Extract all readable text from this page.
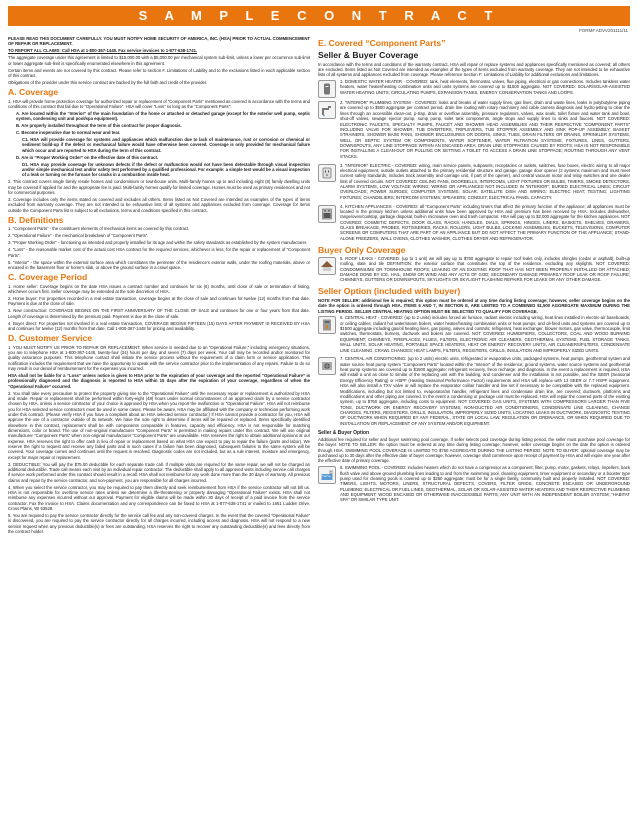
S A M P L E C O N T R A C T
FORM# ADVV201111/11

PLEASE READ THIS DOCUMENT CAREFULLY. YOU MUST NOTIFY HOME SECURITY OF AMERICA, INC. (HSA) PRIOR TO ACTUAL COMMENCEMENT OF REPAIR OR REPLACEMENT.

TO REPORT ALL CLAIMS: Call HSA at 1-800-367-1448. Fax service invoices to 1-877-638-1741.

The aggregate coverage under this agreement is limited to $15,000.00 with a $5,000.00 per mechanical system sub-limit, unless a lower per occurrence sub-limit or lower aggregate sub-limit is specifically enumerated elsewhere in this agreement.

Certain items and events are not covered by this contract. Please refer to section F. Limitations of Liability and to the exclusions listed in each applicable section of this contract.

Obligations of the provider under this service contract are backed by the full faith and credit of the provider.

A. Coverage

1. HSA will provide home protection coverage for authorized repair or replacement of “Component Parts” mentioned as covered in accordance with the terms and conditions of this contract that fail due to “Operational Failure”. HSA will cover “Loss” so long as the “Component Parts”:

A. Are located within the “Interior” of the main foundation of the home or attached or detached garage (except for the exterior well pump, septic system, condensing unit and pool/spa equipment).

B. Are properly installed throughout the term of this contract for proper diagnosis.

C. Become inoperative due to normal wear and tear.

C1. HSA will provide coverage for systems and appliances which malfunction due to lack of maintenance, rust or corrosion or chemical or sediment build-up if the defect or mechanical failure would have otherwise been covered. Coverage is only provided for mechanical failure which occur and are reported to HSA during the term of this contract.

D. Are in “Proper Working Order” on the effective date of this contract.

D1. HSA may provide coverage for unknown defects if the defect or malfunction would not have been detectable through visual inspection and/or simple mechanical test and/or safety test performed by a qualified professional. For example: a simple test would be a visual inspection of a leak or turning on the furnace for cracks in a combustion inside heat.

2. This contract covers single family resale homes and condominium or townhouse units. Multi-family homes up to and including eight (8) family dwelling units may be covered if applied for and the appropriate fee is paid. Multi-family homes qualify for limited coverage. Homes must be used as primary residences and not for commercial purposes.

3. Coverage includes only the items stated as covered and excludes all others. Items listed as Not Covered are intended as examples of the types of items excluded from warranty coverage. They are not intended to be exhaustive lists of all systems and appliances excluded from coverage. Coverage for items outside the Component Parts list is subject to all exclusions, terms and conditions specified in this contract.

B. Definitions

1. “Component Parts” - the constituent elements of mechanical items as covered by this contract.

2. “Operational Failure” - the mechanical breakdown of “Component Parts”.

3. “Proper Working Order” - functioning as intended and properly installed for its age and within the safety standards as established by the system manufacturer.

4. “Loss” - the reasonable market cost of the actual cost HSA contract for the required services, whichever is less, for the repair or replacement of “Component Parts”.

5. “Interior” - the space within the external surface area which constitutes the perimeter of the residence's exterior walls, under the roofing materials, above or encased in the basement floor or home's slab, or above the ground surface in a crawl space.

C. Coverage Period

1. Home seller: Coverage begins on the date HSA issues a contract number and continues for six (6) months, until close of sale or termination of listing, whichever occurs first. Seller coverage may be extended at the sole discretion of HSA.

2. Home buyer: For properties recorded in a real estate transaction, coverage begins at the close of sale and continues for twelve (12) months from that date. Payment is due at the close of sale.

3. New construction: COVERAGE BEGINS ON THE FIRST ANNIVERSARY OF THE CLOSE OF SALE and continues for one or four years from that date. Length of coverage is determined by the premium paid. Payment is due at the close of sale.

4. Buyer direct: For properties not involved in a real estate transaction, COVERAGE BEGINS FIFTEEN (15) DAYS AFTER PAYMENT IS RECEIVED BY HSA and continues for twelve (12) months from that date. Call 1-800-367-1448 for pricing and availability.

D. Customer Service

1. YOU MUST NOTIFY US PRIOR TO REPAIR OR REPLACEMENT. When service is needed due to an “Operational Failure,” including emergency situations, you are to telephone HSA at 1-800-367-1448, twenty-four (24) hours per day, and seven (7) days per week. Your call may be recorded and/or monitored for quality assurance purposes. This telephone contact shall initiate the service process without the requirement of a claim form or service application. This notification includes the requirement that we have the opportunity to speak with the service contractor prior to the implementation of any repairs. Failure to do so may result in our denial of reimbursement for the expenses you incurred.

HSA shall not be liable for a “Loss” unless notice is given to HSA prior to the expiration of your coverage and the reported “Operational Failure” is professionally diagnosed and the diagnosis is reported to HSA within 15 days after the expiration of your coverage, regardless of when the “Operational Failure” occurred.

2. You shall take every precaution to protect the property giving rise to the “Operational Failure” until the necessary repair or replacement is authorized by HSA and made. Repair or replacement shall be performed within forty-eight (48) hours under normal circumstances of an approved claim by a service contractor chosen by HSA, unless a service contractor of your choice is approved by HSA when you report the malfunction or “Operational Failure”. HSA will not reimburse you for HSA selected service contractors must be used in some cases. Please be aware, HSA may be affiliated with the company or technician performing work under this contract. (Please verify HSA if you have a complaint about an HSA selected service contractor.) If HSA cannot provide a contractor for you, HSA will approve the use of a contractor outside of its network. We have the sole right to determine if items will be repaired or replaced. Items specifically identified elsewhere in this contract, replacement shall be with components comparable in features, capacity and efficiency. HSA is not responsible for matching dimensions, color or brand. The use of non-original manufacturer “Component Parts” is permitted in making repairs under this contract. We will use original manufacturer “Component Parts” when non-original manufacturer “Component Parts” are unavailable. HSA reserves the right to obtain additional opinions at our expense. HSA reserves the right to offer cash in lieu of repair or replacement based on what HSA can expect to pay to repair the failure (parts and labor). We reserve the right to request and receive any failed parts and in such cases if a failure has been diagnosed, subsequent failures to the same system will be covered. Your coverage comes and continues until the request is resolved. Diagnostic codes are not included, but as a rule interest, moisture and emergency, except for major repair or replacement.

3. DEDUCTIBLE: You will pay the $75.00 deductible for each separate trade call. If multiple visits are required for the same repair, we will not be charged an additional deductible. Trade call means each visit by an individual repair contractor. The deductible shall apply to all approved visits including service call charges if service work performed under this contract should result in a recall. HSA shall not reimburse for any work done more than the 30 days of warranty. All previous claims and repair by the service contractor, and non-payment, you are responsible for all charges incurred.

4. When you select the service contractor, you may be required to pay them directly and seek reimbursement from HSA if the service contractor will not bill us. HSA is not responsible for overtime service rates unless we determine a life-threatening or property damaging “Operational Failure” exists. HSA shall not reimburse any expenses incurred without our approval. Payment for eligible claims will be made within 30 days of receipt of a paid invoice from the service contractor. Fax the invoice to HSA. Claims documentation and any correspondence can be faxed to HSA at 1-877-638-1741 or mailed to 1661 Ludden Drive, Cross Plains, WI 53528.

5. You are required to pay the service contractor directly for the service call fee and any non-covered charges. In the event that the covered “Operational Failure” is discovered, you are required to pay the service contractor directly for all charges incurred, including access and diagnosis. HSA will not respond to a new service request when any previous deductible(s) or fees are outstanding. HSA reserves the right to recover any outstanding deductible(s) and fees directly from the contract holder.

E. Covered “Component Parts”
Seller & Buyer Coverage

In accordance with the terms and conditions of the warranty contract, HSA will repair or replace systems and appliances specifically mentioned as covered; all others are excluded. Items listed as Not Covered are intended as examples of the types of items excluded from warranty coverage. They are not intended to be exhaustive lists of all systems and appliances excluded from coverage. Please reference Section F: Limitations of Liability for additional exclusions and limitations.

1. DOMESTIC WATER HEATER - COVERED: tank, heat elements, thermostat, valves, flue piping, electrical or gas connections. Includes tankless water heaters, water heater/heating combination units and units systems are covered up to $1500 aggregate. NOT COVERED: SOLAR/SOLAR-ASSISTED WATER HEATING UNITS; CIRCULATING PUMPS, EXPANSION TANKS, ENERGY CONSERVATION TANKS AND LOOPS.

2. “INTERIOR” PLUMBING SYSTEM - COVERED: leaks and breaks of water supply lines, gas lines, drain and waste lines, leaks in polybutylene piping are covered up to $500 aggregate per contract period, drain line routing with rotary machinery and cable camera diagnosis and hydro-jetting to clear the lines through an accessible clean-out, p-trap, drain or overflow assembly, pressure regulators, valves, wax seals, toilet fixture and water tank and bowl, shut-off valves, sewage ejector pump, sump pump, toilet tank components, angle stops and supply lines to sinks and faucets. NOT COVERED: ELECTRONIC FAUCETS, SPECIALTY PUMPS, FAUCET AND SHOWER HEAD ASSEMBLIES AND THEIR RESPECTIVE “COMPONENT PARTS” INCLUDING VALVE FOR SHOWER, TUB DIVERTERS, TRIPLEVERS, TUB STOPPER ASSEMBLY AND SINK POP-UP ASSEMBLY; BASKET STRAINERS, SHOWER BASE PANS, SHOWER ENCLOSURES OR DOORS, SINKS, TUBS, DRAIN FILTERS OR DRAINS, SPRINKLER SYSTEMS, WELL OR SEPTIC SYSTEM OR COMPONENTS, WATER SOFTENER, WATER FILTRATION SYSTEMS; FIXTURES, LINES, GUTTERS, DOWNSPOUTS, ANY LINE STOPPAGE WITHIN AN ENCASED AREA; DRAIN LINE STOPPAGES CAUSED BY ROOTS; HSA IS NOT RESPONSIBLE FOR INSTALLING A CLEAN-OUT OR PULLING OR SETTING A TOILET TO ACCESS A DRAIN LINE STOPPAGE; ROUTING THROUGH ANY VENT STACKS.

3. “INTERIOR” ELECTRIC - COVERED: wiring, main service panels, subpanels, receptacles or outlets, switches, fuse boxes, electric wiring to all major electrical equipment, outside outlets attached to the primary residential structure and garage, garage door opener (2 systems maximum and must meet current safety standards; includes track assembly and carriage unit, if part of the opener), and central vacuum motor and relay switches and one dealer limit of covered circuits. NOT COVERED: CEILING FANS, DOORBELLS, INTERCOMS, LIGHT FIXTURES OR BULBS, TIMERS, SMOKE DETECTORS, ALARM SYSTEMS, LOW VOLTAGE WIRING; WIRING OR APPLIANCES NOT INCLUDED IN “INTERIOR”; BURIED ELECTRICAL LINES; CIRCUIT OVERLOADS; POWER SURGES; COMPUTER SYSTEMS; SOLAR; SATELLITE DISH AND WIRING; ELECTRIC HEAT; TESTING; LIGHTING FIXTURES; CHANDELIERS; INTERCOM SYSTEMS; SPEAKERS; CONDUIT; ELECTRICAL PANEL CAPACITY.

4. KITCHEN APPLIANCES - COVERED: all “Component Parts” including timers that affect the primary function of the appliance; all appliances must be located in the primary kitchen unless additional units have been approved by HSA and premium has been received by HSA. Includes dishwasher, range/oven/cooktop, garbage disposal, built-in microwave oven and trash compactor. HSA will pay up to $2,000 aggregate for the kitchen appliances. NOT COVERED: COSMETIC DEFECTS, DOOR GLASS, RACKS, HANDLES, DIALS, SPRINGS, HINGES, LINERS, BASKETS, SHELVES, DRAWERS, GLASS BREAKAGE, PROBES, ROTISSERIES, RACKS, ROLLERS, LIGHT BULBS, LOCKING ASSEMBLIES, BUCKETS, TELEVISIONS, COMPUTER SCREENS OR COMPUTERS THAT ARE PART OF AN APPLIANCE BUT DO NOT AFFECT THE PRIMARY FUNCTION OF THE APPLIANCE; STAND-ALONE FREEZERS, WALL OVENS, CLOTHES WASHER, CLOTHES DRYER AND REFRIGERATOR.

Buyer Only Coverage

5. ROOF LEAKS - COVERED: (up to 1 unit) we will pay up to $750 aggregate to repair roof leaks only, includes shingles (cedar or asphalt), built-up roofing, slate and tile DEFINITION: the exterior surface that constitutes the top of the residence, excluding any skylights. NOT COVERED: CONDOMINIUMS OR TOWNHOUSE ROOFS; LEAKING OF AN EXISTING ROOF THAT HAS NOT BEEN PROPERLY INSTALLED OR ATTACHED; DAMAGE DONE BY ICE, HAIL, SNOW OR WIND AND ANY ACTS OF GOD; SECONDARY DAMAGE PRIMARILY ROOF LEAK OR ROOF FAILURE; CHIMNEYS, GUTTERS OR DOWNSPOUTS, SKYLIGHTS OR SKYLIGHT FLASHING REPAIRS FOR LEAKS OR ANY OTHER DAMAGE.

Seller Option (included with buyer)

NOTE FOR SELLER: additional fee is required; this option must be ordered at any time during listing coverage; however, seller coverage begins on the date the option is ordered through HSA. ITEMS 6 AND 7, IN SECTION E, ARE LIMITED TO A COMBINED $1,500 AGGREGATE MAXIMUM DURING THE LISTING PERIOD. SELLER CENTRAL HEATING OPTION MUST BE SELECTED TO QUALIFY FOR COVERAGE.

6. CENTRAL HEAT - COVERED: (up to 2 units) includes forced air furnace, radiant electric including wiring, heat lines installed in electric-air baseboards, or ceiling cables; radiant hot water/steam boilers, water heater/heating combination units or heat pumps, and oil-fired units and systems are covered up to $1500 aggregate including gas/oil heating lines, gas piping, valves and controls; refrigerant, heat exchanger, blower motors, gas valve, thermocouple, limit switches, thermostats, burners, ductwork and boilers are covered. NOT COVERED: HUMIDIFIERS, COLLECTORS, COAL AND WOOD BURNING EQUIPMENT; CHIMNEYS, FIREPLACES, FLUES, FILTERS, ELECTRONIC AIR CLEANERS, GEOTHERMAL SYSTEMS, FUEL STORAGE TANKS, WALL UNITS, SOLAR HEATING, PORTABLE SPACE HEATERS, HEAT OR ENERGY RECOVERY UNITS, AIR CLEANERS/FILTERS, CONDENSATE LINE CLEANING, CRAWL CHANGES; HEAT LAMPS, FILTERS, REGISTERS, GRILLS, INSULATION AND IMPROPERLY SIZED UNITS.

7. CENTRAL AIR CONDITIONING: (up to 2 units) electric units, refrigerated or evaporative units, packaged systems, heat pumps, geothermal system and water source heat pump system “Component Parts” located within the “Interior” of the residence; ground systems, water source systems and geothermal heat pump systems are covered up to $1500 aggregate; refrigerant recovery, freon recharge; and diagnosis. In the event a replacement is required, HSA will install a unit as close to similar of the replacing unit with the building, and condenser and the installation is not possible, and the SEER (Seasonal Energy Efficiency Rating) or HSPF (Heating Seasonal Performance Factor) requirements and HSA will replace with 13 SEER or 7.7 HSPF equipment. HSA will also install a TXV valve or will replace the evaporator coil/air handler and line set if necessary to be compatible with the replaced equipment. Modifications, including but not limited to, evaporator/air handler, refrigerant lines and condensate drain line, are covered; ductwork, platforms and modifications and other piping are covered. In the event a condensing or package unit must be replaced, HSA will repair the covered parts of the existing system, up to $750 aggregate, including costs to equipment. NOT COVERED: GAS UNITS, SYSTEMS WITH COMPRESSORS LARGER THAN FIVE TONS, DUCTWORK OR ENERGY RECOVERY SYSTEMS, NON-DUCTED AIR CONDITIONERS, CONDENSATE LINE CLEANING, CHANGE CHARGES, FILTERS, REGISTERS, GRILLS, INSULATION, IMPROPERLY SIZED UNITS, LOCATING LEAKS IN DUCTWORK, DIAGNOSTIC TESTING OF DUCTWORK WHEN REQUIRED BY ANY FEDERAL, STATE OR LOCAL LAW, REGULATION OR ORDINANCE, OR WHEN REQUIRED DUE TO INSTALLATION OR REPLACEMENT OF ANY SYSTEM AND/OR EQUIPMENT.

Seller & Buyer Option

Additional fee required for seller and buyer swimming pool coverage. If seller selects pool coverage during listing period, the seller must purchase pool coverage for the buyer. NOTE TO SELLER: the option must be ordered at any time during listing coverage; however, seller coverage begins on the date the option is ordered through HSA. SWIMMING POOL COVERAGE IS LIMITED TO $750 AGGREGATE DURING THE LISTING PERIOD. NOTE TO BUYER: optional coverage may be purchased up to 30 days after the effective date of buyer coverage; however, coverage shall commence upon receipt of payment by HSA and will expire one year after the effective date of primary coverage.

8. SWIMMING POOL - COVERED: includes heaters which do not have a compressor as a component; filter, pump, motor, gaskets, relays, impellers, back flush valve and above ground plumbing lines leading to and from the swimming pool, cleaning equipment, timer equipment or secondary or a booster type pump used for cleaning pools is covered up to $250 aggregate; must be for a single family, community built and properly installed. NOT COVERED: TIMERS, LIGHTS, MOTORS, LINERS, STRUCTURAL DEFECTS, COVERS, FILTER GRIDS, CONCRETE ENCASED OR UNDERGROUND PLUMBING; ELECTRICAL OR FUEL LINES, GEOTHERMAL, SOLAR OR SOLAR-ASSISTED WATER HEATERS AND THEIR RESPECTIVE PLUMBING AND EQUIPMENT; WOOD ENCASED OR OTHERWISE INACCESSIBLE PARTS; ANY UNIT WITH AN INDEPENDENT BOILER SYSTEM; “HABITAT SPA” OR SIMILAR TYPE UNIT.
